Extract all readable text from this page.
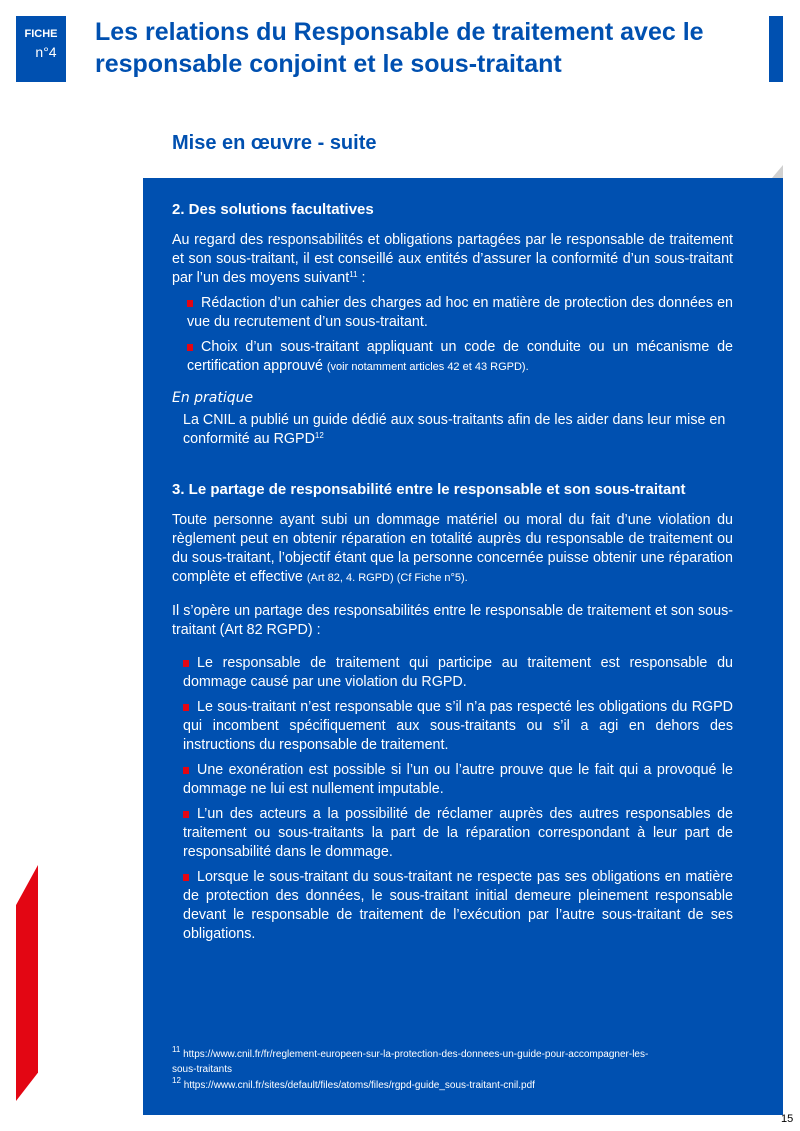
FICHE
n°4
Les relations du Responsable de traitement avec le responsable conjoint et le sous-traitant
Mise en œuvre - suite
2. Des solutions facultatives
Au regard des responsabilités et obligations partagées par le responsable de traitement et son sous-traitant, il est conseillé aux entités d’assurer la conformité d’un sous-traitant par l’un des moyens suivant$^{11}$ :
Rédaction d’un cahier des charges ad hoc en matière de protection des données en vue du recrutement d’un sous-traitant.
Choix d’un sous-traitant appliquant un code de conduite ou un mécanisme de certification approuvé (voir notamment articles 42 et 43 RGPD).
En pratique
La CNIL a publié un guide dédié aux sous-traitants afin de les aider dans leur mise en conformité au RGPD$^{12}$
3. Le partage de responsabilité entre le responsable et son sous-traitant
Toute personne ayant subi un dommage matériel ou moral du fait d’une violation du règlement peut en obtenir réparation en totalité auprès du responsable de traitement ou du sous-traitant, l’objectif étant que la personne concernée puisse obtenir une réparation complète et effective (Art 82, 4. RGPD) (Cf Fiche n°5).
Il s’opère un partage des responsabilités entre le responsable de traitement et son sous-traitant (Art 82 RGPD) :
Le responsable de traitement qui participe au traitement est responsable du dommage causé par une violation du RGPD.
Le sous-traitant n’est responsable que s’il n’a pas respecté les obligations du RGPD qui incombent spécifiquement aux sous-traitants ou s’il a agi en dehors des instructions du responsable de traitement.
Une exonération est possible si l’un ou l’autre prouve que le fait qui a provoqué le dommage ne lui est nullement imputable.
L’un des acteurs a la possibilité de réclamer auprès des autres responsables de traitement ou sous-traitants la part de la réparation correspondant à leur part de responsabilité dans le dommage.
Lorsque le sous-traitant du sous-traitant ne respecte pas ses obligations en matière de protection des données, le sous-traitant initial demeure pleinement responsable devant le responsable de traitement de l’exécution par l’autre sous-traitant de ses obligations.
$^{11}$ https://www.cnil.fr/fr/reglement-europeen-sur-la-protection-des-donnees-un-guide-pour-accompagner-les-sous-traitants
$^{12}$ https://www.cnil.fr/sites/default/files/atoms/files/rgpd-guide_sous-traitant-cnil.pdf
15
